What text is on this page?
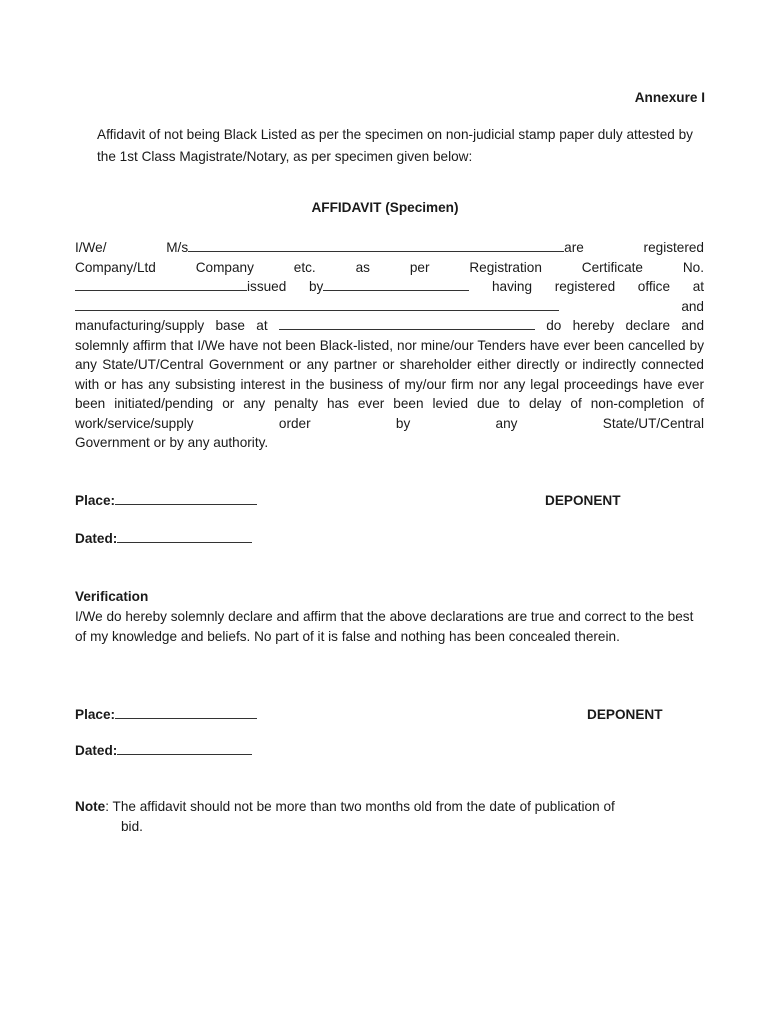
Annexure I
Affidavit of not being Black Listed as per the specimen on non-judicial stamp paper duly attested by the 1st Class Magistrate/Notary, as per specimen given below:
AFFIDAVIT (Specimen)
I/We/	M/s	are	registered
Company/Ltd	Company	etc.	as	per	Registration	Certificate	No.
issued by	having registered office at
and
manufacturing/supply base at	do hereby declare and
solemnly affirm that I/We have not been Black-listed, nor mine/our Tenders have ever been cancelled by any State/UT/Central Government or any partner or shareholder either directly or indirectly connected with or has any subsisting interest in the business of my/our firm nor any legal proceedings have ever been initiated/pending or any penalty has ever been levied due to delay of non-completion of work/service/supply order by any State/UT/Central
Government or by any authority.
Place:	DEPONENT
Dated:
Verification
I/We do hereby solemnly declare and affirm that the above declarations are true and correct to the best of my knowledge and beliefs. No part of it is false and nothing has been concealed therein.
Place:	DEPONENT
Dated:
Note: The affidavit should not be more than two months old from the date of publication of
bid.
